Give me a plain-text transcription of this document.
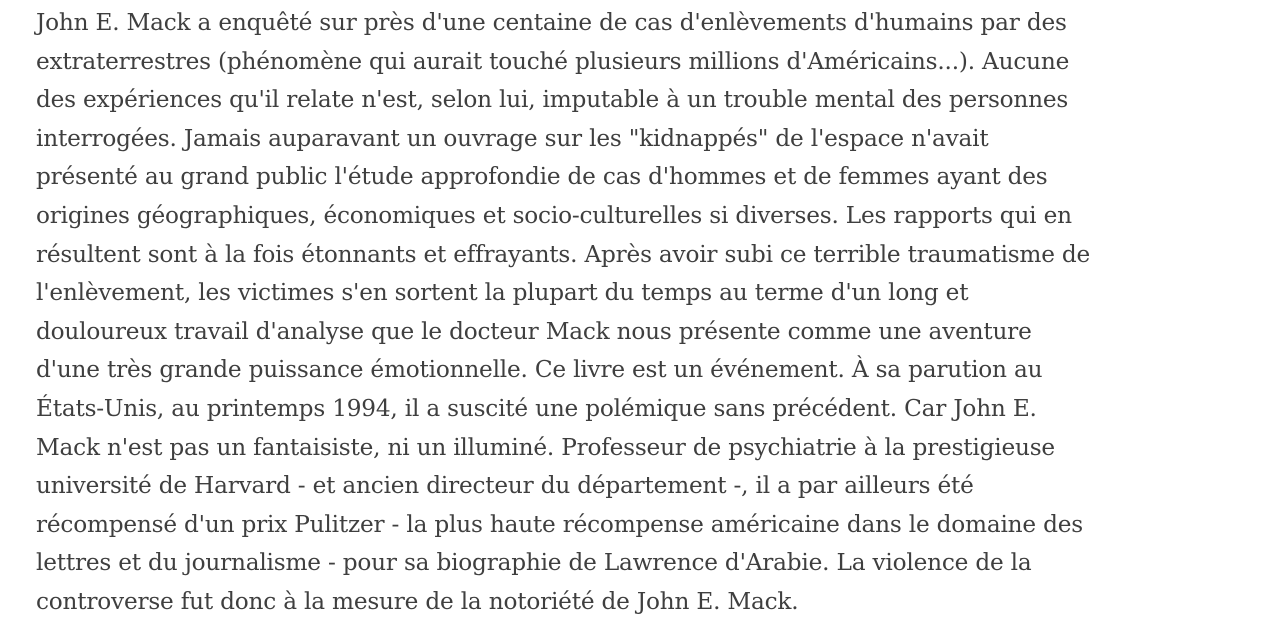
John E. Mack a enquêté sur près d'une centaine de cas d'enlèvements d'humains par des
extraterrestres (phénomène qui aurait touché plusieurs millions d'Américains...). Aucune
des expériences qu'il relate n'est, selon lui, imputable à un trouble mental des personnes
interrogées. Jamais auparavant un ouvrage sur les "kidnappés" de l'espace n'avait
présenté au grand public l'étude approfondie de cas d'hommes et de femmes ayant des
origines géographiques, économiques et socio-culturelles si diverses. Les rapports qui en
résultent sont à la fois étonnants et effrayants. Après avoir subi ce terrible traumatisme de
l'enlèvement, les victimes s'en sortent la plupart du temps au terme d'un long et
douloureux travail d'analyse que le docteur Mack nous présente comme une aventure
d'une très grande puissance émotionnelle. Ce livre est un événement. À sa parution au
États-Unis, au printemps 1994, il a suscité une polémique sans précédent. Car John E.
Mack n'est pas un fantaisiste, ni un illuminé. Professeur de psychiatrie à la prestigieuse
université de Harvard - et ancien directeur du département -, il a par ailleurs été
récompensé d'un prix Pulitzer - la plus haute récompense américaine dans le domaine des
lettres et du journalisme - pour sa biographie de Lawrence d'Arabie. La violence de la
controverse fut donc à la mesure de la notoriété de John E. Mack.
